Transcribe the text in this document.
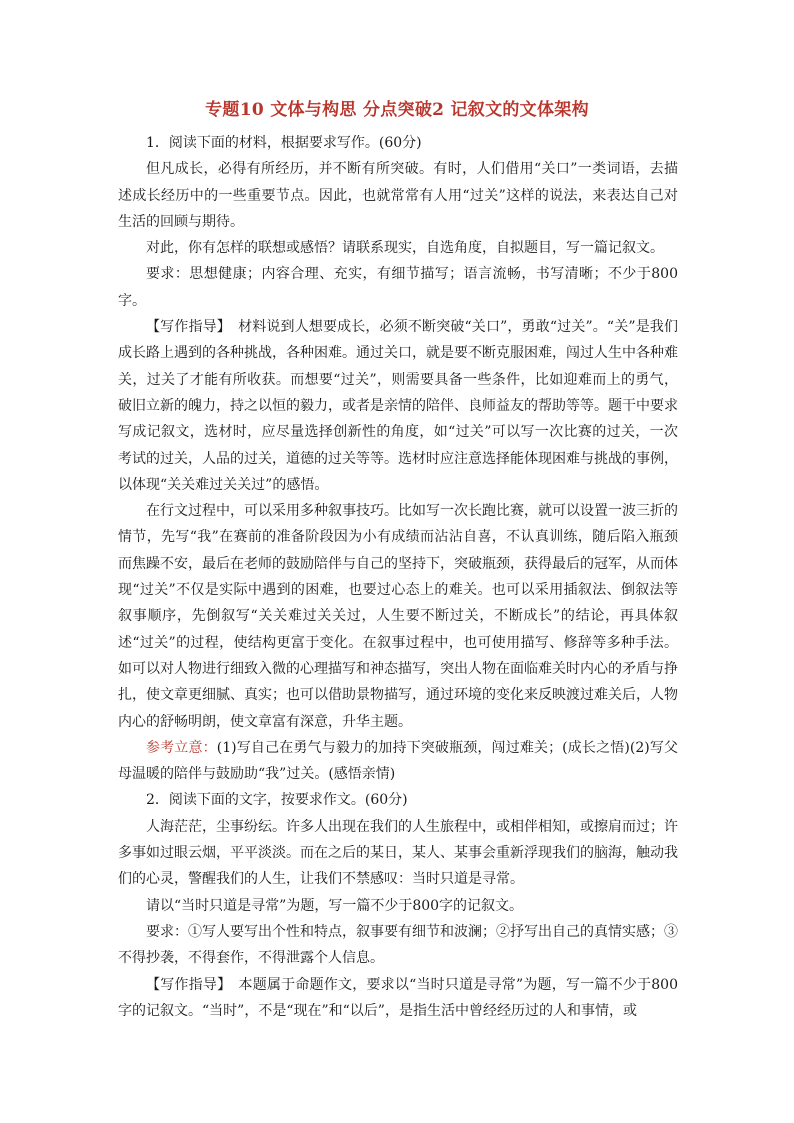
专题10 文体与构思 分点突破2 记叙文的文体架构

1．阅读下面的材料，根据要求写作。(60分)

但凡成长，必得有所经历，并不断有所突破。有时，人们借用“关口”一类词语，去描述成长经历中的一些重要节点。因此，也就常常有人用“过关”这样的说法，来表达自己对生活的回顾与期待。

对此，你有怎样的联想或感悟？请联系现实，自选角度，自拟题目，写一篇记叙文。

要求：思想健康；内容合理、充实，有细节描写；语言流畅，书写清晰；不少于800字。

【写作指导】　材料说到人想要成长，必须不断突破“关口”，勇敢“过关”。“关”是我们成长路上遇到的各种挑战，各种困难。通过关口，就是要不断克服困难，闯过人生中各种难关，过关了才能有所收获。而想要“过关”，则需要具备一些条件，比如迎难而上的勇气，破旧立新的魄力，持之以恒的毅力，或者是亲情的陪伴、良师益友的帮助等等。题干中要求写成记叙文，选材时，应尽量选择创新性的角度，如“过关”可以写一次比赛的过关，一次考试的过关，人品的过关，道德的过关等等。选材时应注意选择能体现困难与挑战的事例，以体现“关关难过关关过”的感悟。

在行文过程中，可以采用多种叙事技巧。比如写一次长跑比赛，就可以设置一波三折的情节，先写“我”在赛前的准备阶段因为小有成绩而沾沾自喜，不认真训练，随后陷入瓶颈而焦躁不安，最后在老师的鼓励陪伴与自己的坚持下，突破瓶颈，获得最后的冠军，从而体现“过关”不仅是实际中遇到的困难，也要过心态上的难关。也可以采用插叙法、倒叙法等叙事顺序，先倒叙写“关关难过关关过，人生要不断过关，不断成长”的结论，再具体叙述“过关”的过程，使结构更富于变化。在叙事过程中，也可使用描写、修辞等多种手法。如可以对人物进行细致入微的心理描写和神态描写，突出人物在面临难关时内心的矛盾与挣扎，使文章更细腻、真实；也可以借助景物描写，通过环境的变化来反映渡过难关后，人物内心的舒畅明朗，使文章富有深意，升华主题。

参考立意：(1)写自己在勇气与毅力的加持下突破瓶颈，闯过难关；(成长之悟)(2)写父母温暖的陪伴与鼓励助“我”过关。(感悟亲情)

2．阅读下面的文字，按要求作文。(60分)

人海茫茫，尘事纷纭。许多人出现在我们的人生旅程中，或相伴相知，或擦肩而过；许多事如过眼云烟，平平淡淡。而在之后的某日，某人、某事会重新浮现我们的脑海，触动我们的心灵，警醒我们的人生，让我们不禁感叹：当时只道是寻常。

请以“当时只道是寻常”为题，写一篇不少于800字的记叙文。

要求：①写人要写出个性和特点，叙事要有细节和波澜；②抒写出自己的真情实感；③不得抄袭，不得套作，不得泄露个人信息。

【写作指导】　本题属于命题作文，要求以“当时只道是寻常”为题，写一篇不少于800字的记叙文。“当时”，不是“现在”和“以后”，是指生活中曾经经历过的人和事情，或
